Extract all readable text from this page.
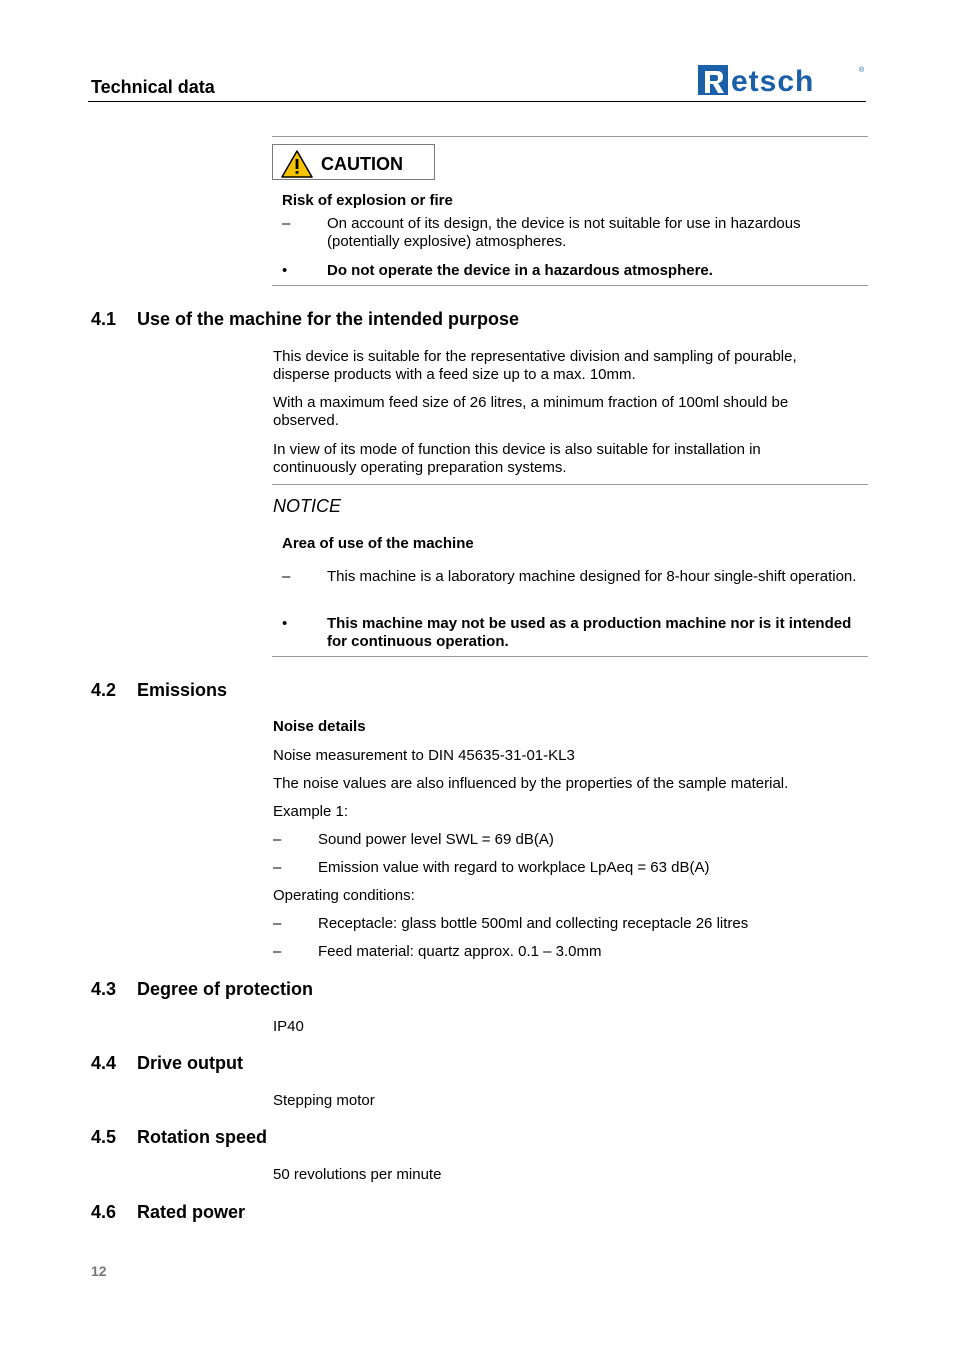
Technical data	etsch	®
CAUTION
Risk of explosion or fire
– On account of its design, the device is not suitable for use in hazardous (potentially explosive) atmospheres.
•	Do not operate the device in a hazardous atmosphere.
4.1 Use of the machine for the intended purpose
This device is suitable for the representative division and sampling of pourable, disperse products with a feed size up to a max. 10mm.
With a maximum feed size of 26 litres, a minimum fraction of 100ml should be observed.
In view of its mode of function this device is also suitable for installation in continuously operating preparation systems.
NOTICE
Area of use of the machine
– This machine is a laboratory machine designed for 8-hour single-shift operation.
•	This machine may not be used as a production machine nor is it intended for continuous operation.
4.2 Emissions
Noise details
Noise measurement to DIN 45635-31-01-KL3
The noise values are also influenced by the properties of the sample material.
Example 1:
– Sound power level SWL = 69 dB(A)
– Emission value with regard to workplace LpAeq = 63 dB(A)
Operating conditions:
– Receptacle: glass bottle 500ml and collecting receptacle 26 litres
– Feed material: quartz approx. 0.1 – 3.0mm
4.3 Degree of protection
IP40
4.4 Drive output
Stepping motor
4.5 Rotation speed
50 revolutions per minute
4.6 Rated power
12
